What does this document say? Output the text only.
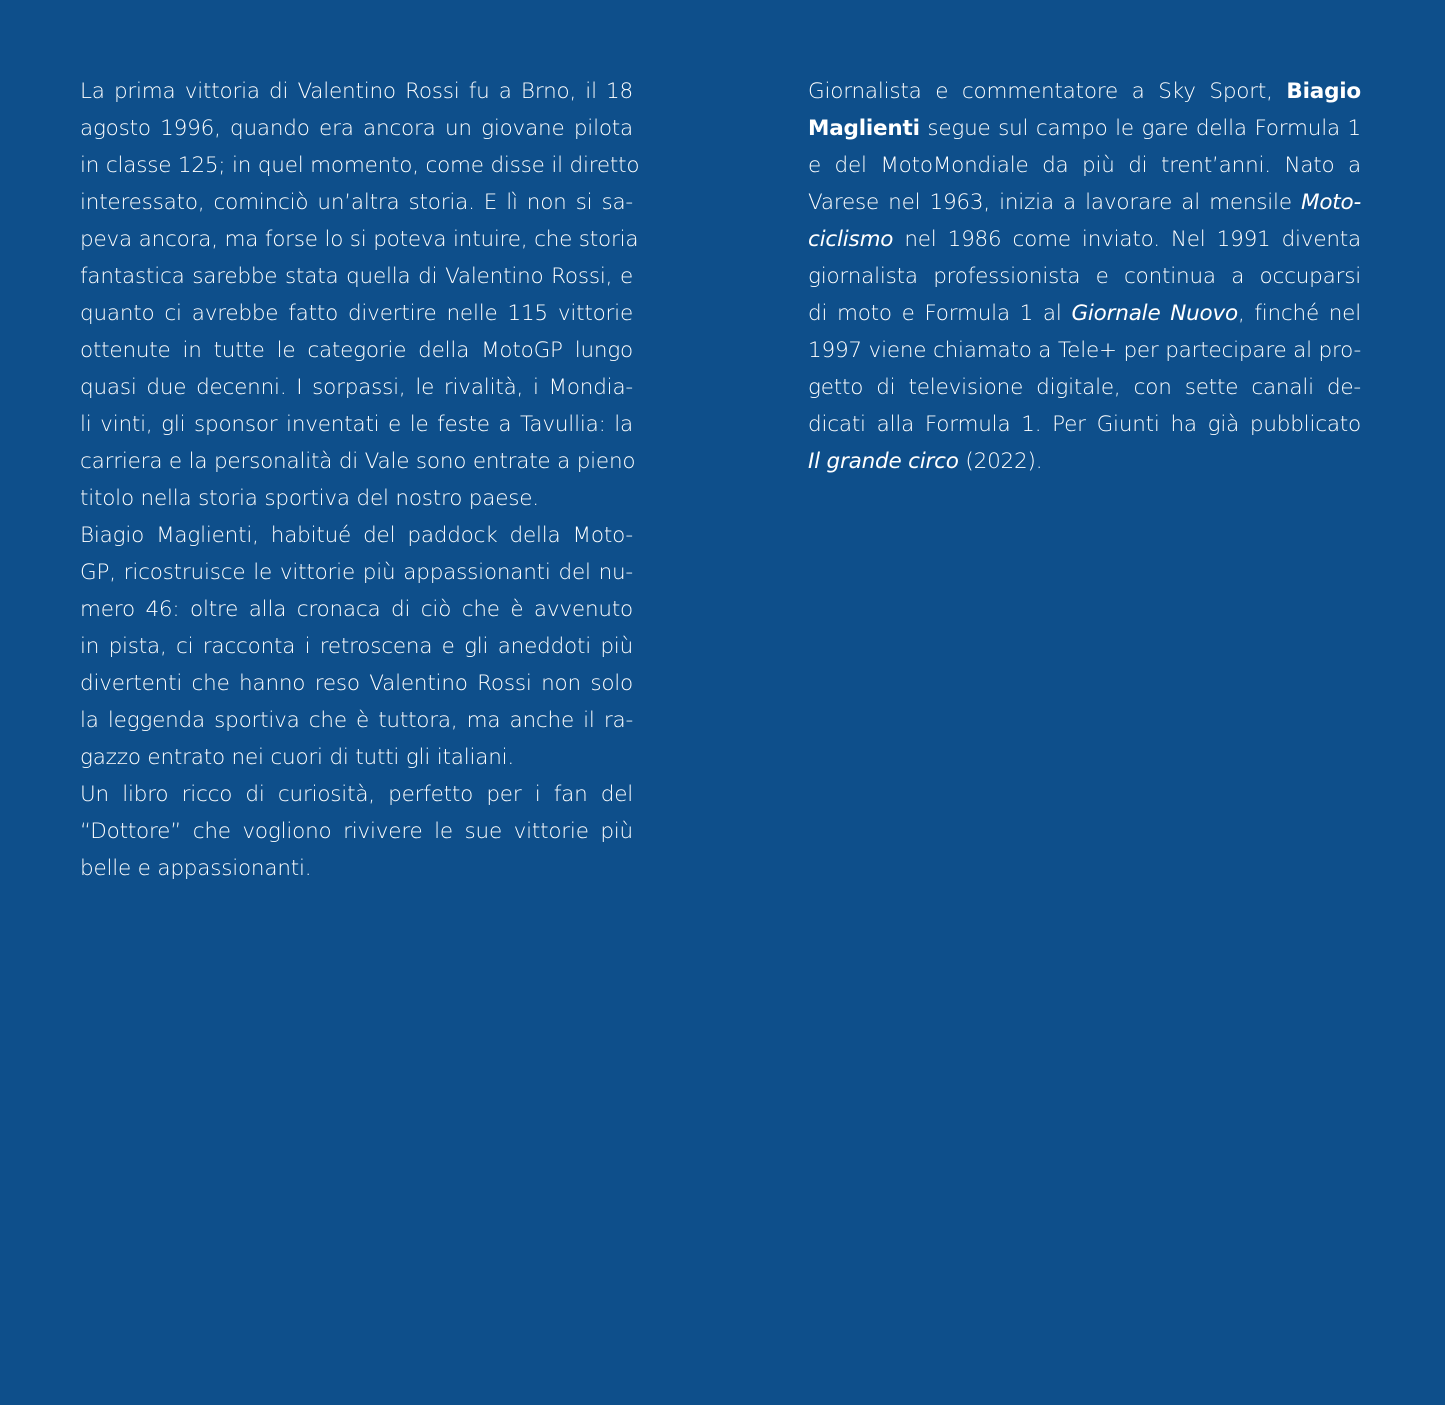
La prima vittoria di Valentino Rossi fu a Brno, il 18
agosto 1996, quando era ancora un giovane pilota
in classe 125; in quel momento, come disse il diretto
interessato, cominciò un’altra storia. E lì non si sa-
peva ancora, ma forse lo si poteva intuire, che storia
fantastica sarebbe stata quella di Valentino Rossi, e
quanto ci avrebbe fatto divertire nelle 115 vittorie
ottenute in tutte le categorie della MotoGP lungo
quasi due decenni. I sorpassi, le rivalità, i Mondia-
li vinti, gli sponsor inventati e le feste a Tavullia: la
carriera e la personalità di Vale sono entrate a pieno
titolo nella storia sportiva del nostro paese.
Biagio Maglienti, habitué del paddock della Moto-
GP, ricostruisce le vittorie più appassionanti del nu-
mero 46: oltre alla cronaca di ciò che è avvenuto
in pista, ci racconta i retroscena e gli aneddoti più
divertenti che hanno reso Valentino Rossi non solo
la leggenda sportiva che è tuttora, ma anche il ra-
gazzo entrato nei cuori di tutti gli italiani.
Un libro ricco di curiosità, perfetto per i fan del
“Dottore” che vogliono rivivere le sue vittorie più
belle e appassionanti.
Giornalista e commentatore a Sky Sport, Biagio
Maglienti segue sul campo le gare della Formula 1
e del MotoMondiale da più di trent’anni. Nato a
Varese nel 1963, inizia a lavorare al mensile Moto-
ciclismo nel 1986 come inviato. Nel 1991 diventa
giornalista professionista e continua a occuparsi
di moto e Formula 1 al Giornale Nuovo, finché nel
1997 viene chiamato a Tele+ per partecipare al pro-
getto di televisione digitale, con sette canali de-
dicati alla Formula 1. Per Giunti ha già pubblicato
Il grande circo (2022).
